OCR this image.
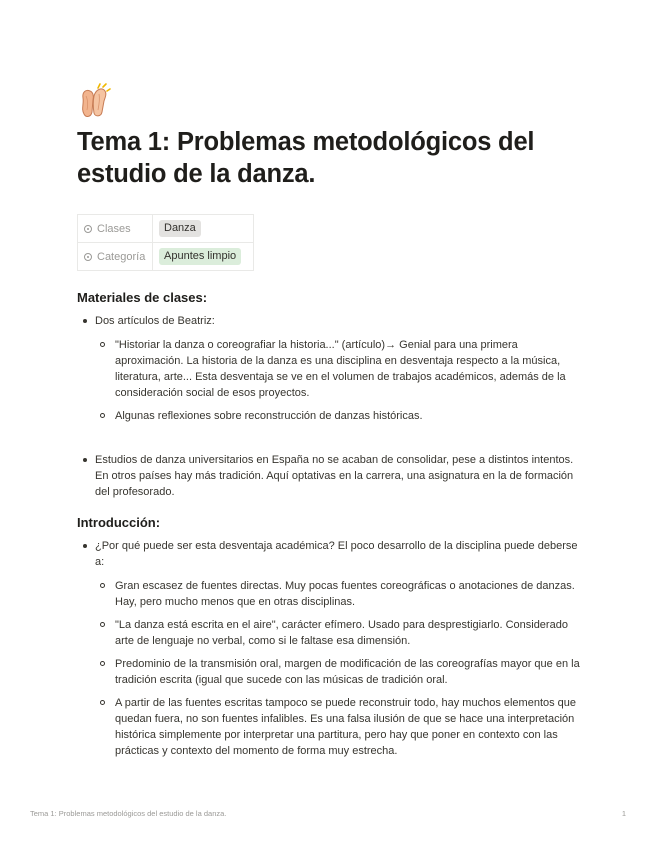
Tema 1: Problemas metodológicos del estudio de la danza.
Clases	Danza
Categoría	Apuntes limpio
Materiales de clases:
Dos artículos de Beatriz:
"Historiar la danza o coreografiar la historia..." (artículo)→ Genial para una primera aproximación. La historia de la danza es una disciplina en desventaja respecto a la música, literatura, arte... Esta desventaja se ve en el volumen de trabajos académicos, además de la consideración social de esos proyectos.
Algunas reflexiones sobre reconstrucción de danzas históricas.
Estudios de danza universitarios en España no se acaban de consolidar, pese a distintos intentos. En otros países hay más tradición. Aquí optativas en la carrera, una asignatura en la de formación del profesorado.
Introducción:
¿Por qué puede ser esta desventaja académica? El poco desarrollo de la disciplina puede deberse a:
Gran escasez de fuentes directas. Muy pocas fuentes coreográficas o anotaciones de danzas. Hay, pero mucho menos que en otras disciplinas.
"La danza está escrita en el aire", carácter efímero. Usado para desprestigiarlo. Considerado arte de lenguaje no verbal, como si le faltase esa dimensión.
Predominio de la transmisión oral, margen de modificación de las coreografías mayor que en la tradición escrita (igual que sucede con las músicas de tradición oral.
A partir de las fuentes escritas tampoco se puede reconstruir todo, hay muchos elementos que quedan fuera, no son fuentes infalibles. Es una falsa ilusión de que se hace una interpretación histórica simplemente por interpretar una partitura, pero hay que poner en contexto con las prácticas y contexto del momento de forma muy estrecha.
Tema 1: Problemas metodológicos del estudio de la danza.	1
